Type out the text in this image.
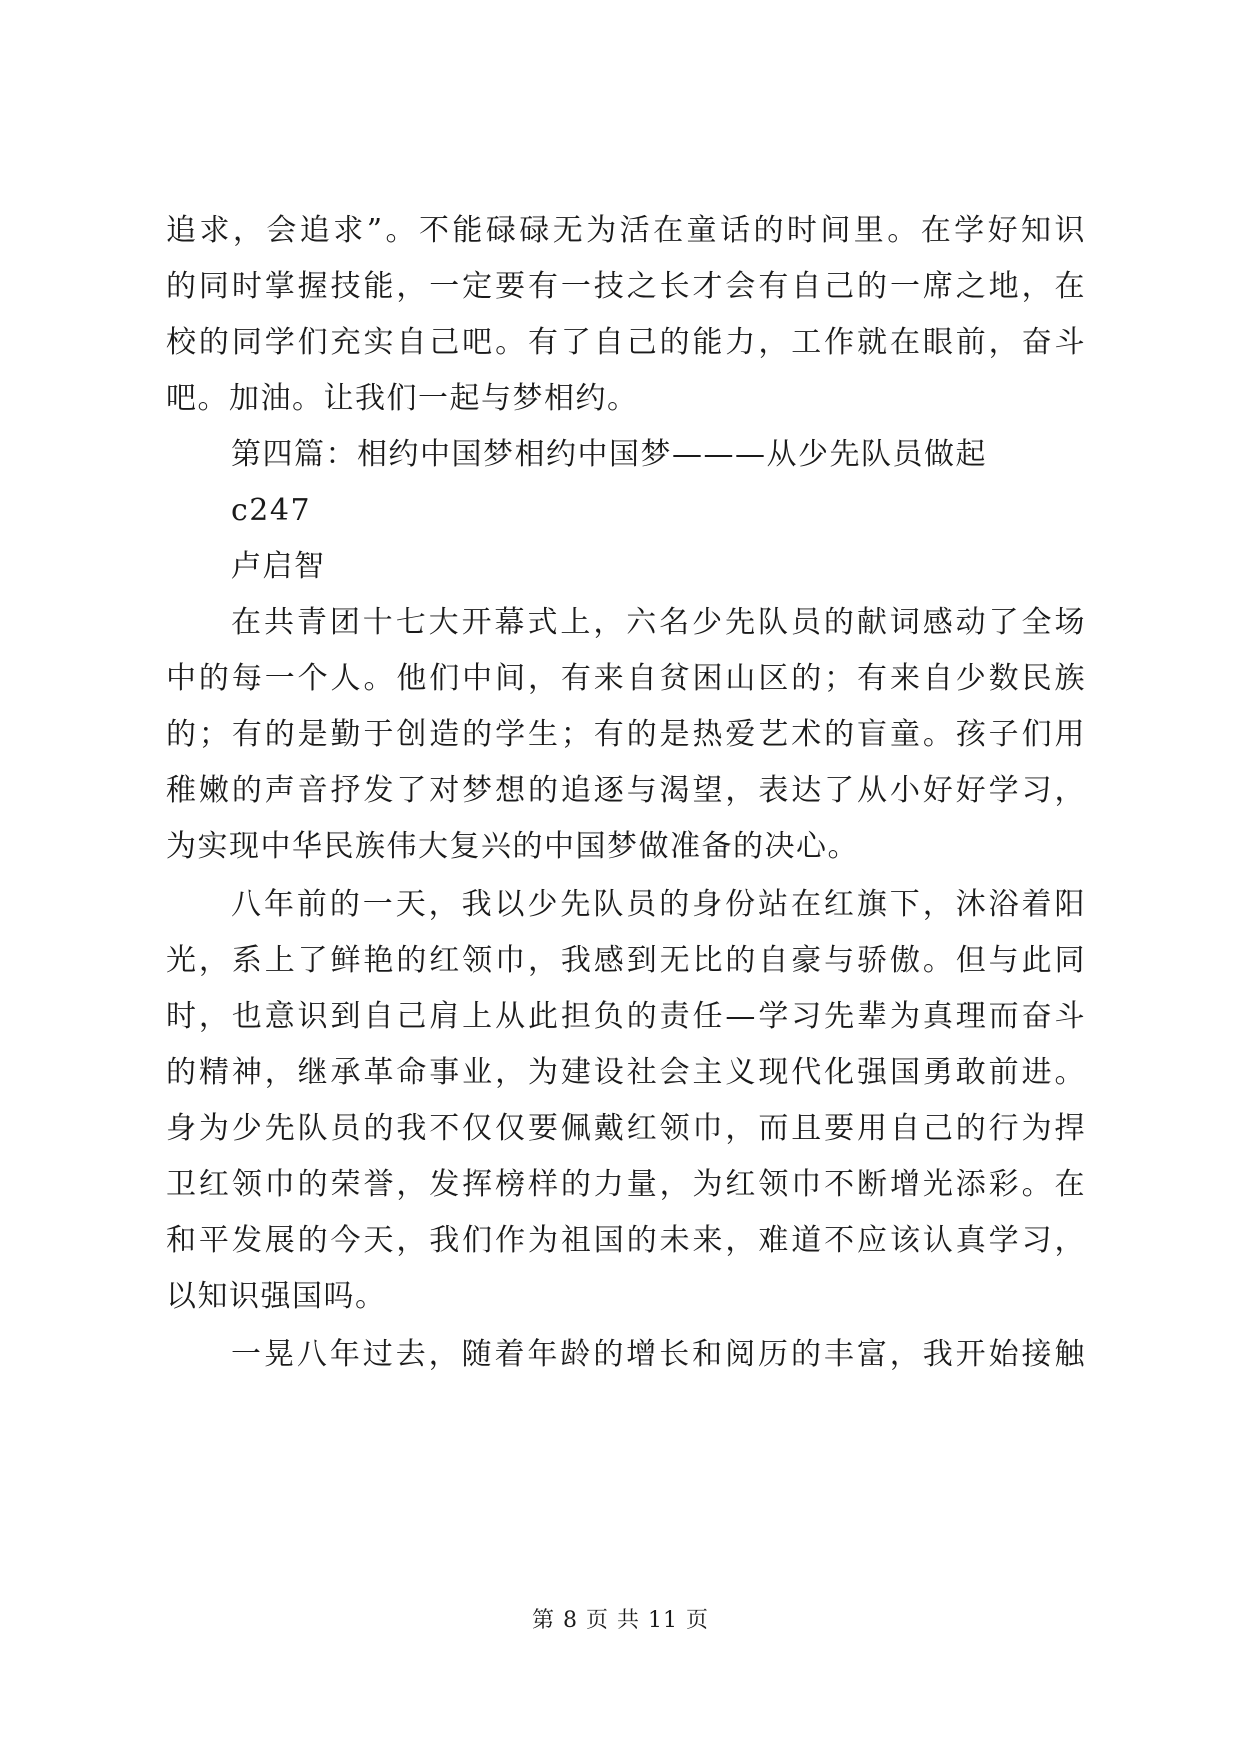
追求，会追求”。不能碌碌无为活在童话的时间里。在学好知识
的同时掌握技能，一定要有一技之长才会有自己的一席之地，在
校的同学们充实自己吧。有了自己的能力，工作就在眼前，奋斗
吧。加油。让我们一起与梦相约。
第四篇：相约中国梦相约中国梦———从少先队员做起
c247
卢启智
在共青团十七大开幕式上，六名少先队员的献词感动了全场
中的每一个人。他们中间，有来自贫困山区的；有来自少数民族
的；有的是勤于创造的学生；有的是热爱艺术的盲童。孩子们用
稚嫩的声音抒发了对梦想的追逐与渴望，表达了从小好好学习，
为实现中华民族伟大复兴的中国梦做准备的决心。
八年前的一天，我以少先队员的身份站在红旗下，沐浴着阳
光，系上了鲜艳的红领巾，我感到无比的自豪与骄傲。但与此同
时，也意识到自己肩上从此担负的责任—学习先辈为真理而奋斗
的精神，继承革命事业，为建设社会主义现代化强国勇敢前进。
身为少先队员的我不仅仅要佩戴红领巾，而且要用自己的行为捍
卫红领巾的荣誉，发挥榜样的力量，为红领巾不断增光添彩。在
和平发展的今天，我们作为祖国的未来，难道不应该认真学习，
以知识强国吗。
一晃八年过去，随着年龄的增长和阅历的丰富，我开始接触
第 8 页 共 11 页
